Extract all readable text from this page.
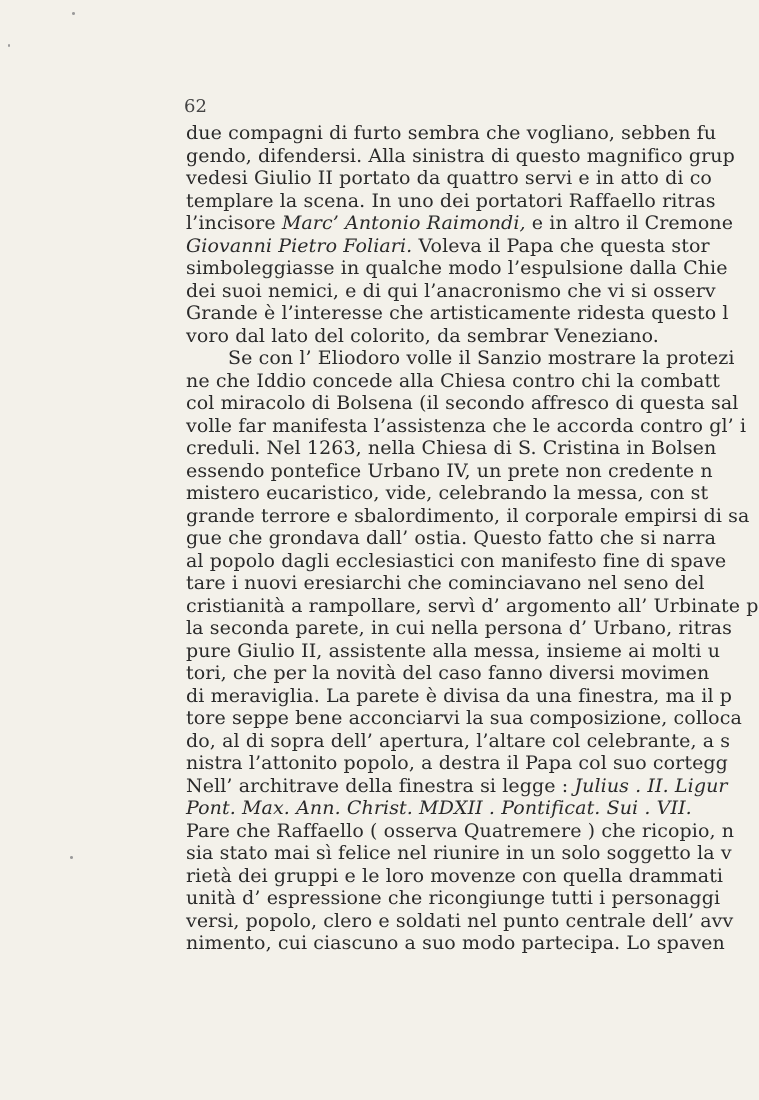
62
due compagni di furto sembra che vogliano, sebben fu
gendo, difendersi. Alla sinistra di questo magnifico grup
vedesi Giulio II portato da quattro servi e in atto di co
templare la scena. In uno dei portatori Raffaello ritras
l’incisore Marc’ Antonio Raimondi, e in altro il Cremone
Giovanni Pietro Foliari. Voleva il Papa che questa stor
simboleggiasse in qualche modo l’espulsione dalla Chie
dei suoi nemici, e di qui l’anacronismo che vi si osserv
Grande è l’interesse che artisticamente ridesta questo l
voro dal lato del colorito, da sembrar Veneziano.
Se con l’ Eliodoro volle il Sanzio mostrare la protezi
ne che Iddio concede alla Chiesa contro chi la combatt
col miracolo di Bolsena (il secondo affresco di questa sal
volle far manifesta l’assistenza che le accorda contro gl’ i
creduli. Nel 1263, nella Chiesa di S. Cristina in Bolsen
essendo pontefice Urbano IV, un prete non credente n
mistero eucaristico, vide, celebrando la messa, con st
grande terrore e sbalordimento, il corporale empirsi di sa
gue che grondava dall’ ostia. Questo fatto che si narra
al popolo dagli ecclesiastici con manifesto fine di spave
tare i nuovi eresiarchi che cominciavano nel seno del
cristianità a rampollare, servì d’ argomento all’ Urbinate p
la seconda parete, in cui nella persona d’ Urbano, ritras
pure Giulio II, assistente alla messa, insieme ai molti u
tori, che per la novità del caso fanno diversi movimen
di meraviglia. La parete è divisa da una finestra, ma il p
tore seppe bene acconciarvi la sua composizione, colloca
do, al di sopra dell’ apertura, l’altare col celebrante, a s
nistra l’attonito popolo, a destra il Papa col suo cortegg
Nell’ architrave della finestra si legge : Julius . II. Ligur
Pont. Max. Ann. Christ. MDXII . Pontificat. Sui . VII.
Pare che Raffaello ( osserva Quatremere ) che ricopio, n
sia stato mai sì felice nel riunire in un solo soggetto la v
rietà dei gruppi e le loro movenze con quella drammati
unità d’ espressione che ricongiunge tutti i personaggi
versi, popolo, clero e soldati nel punto centrale dell’ avv
nimento, cui ciascuno a suo modo partecipa. Lo spaven
